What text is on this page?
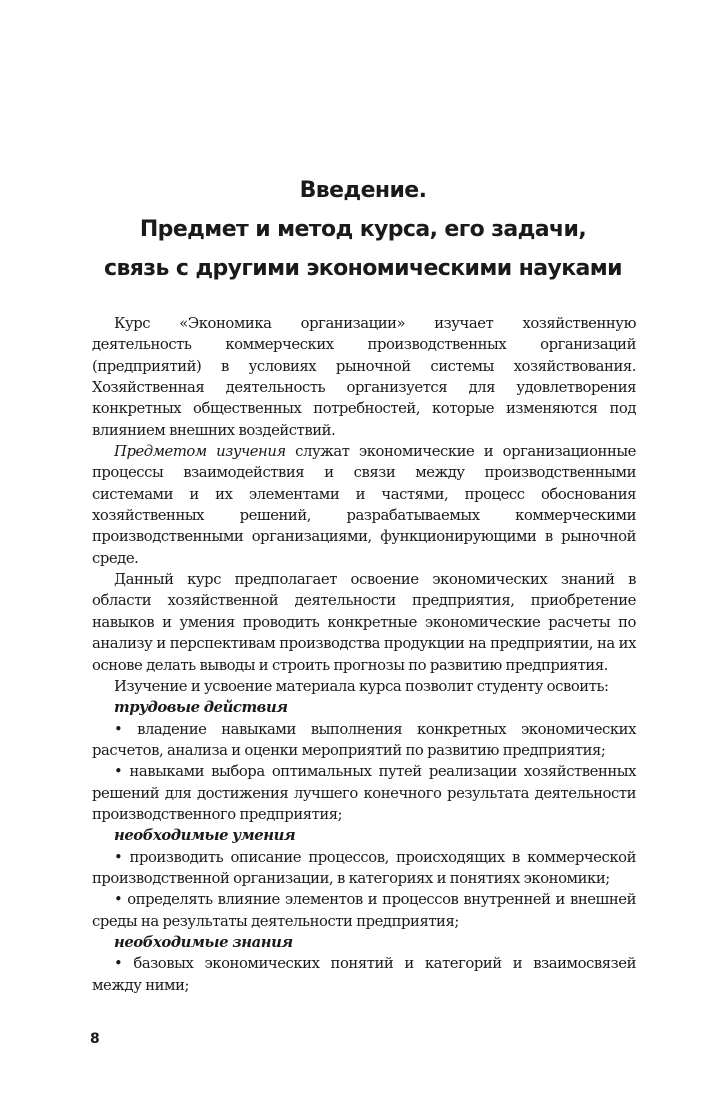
Введение.
Предмет и метод курса, его задачи,
связь с другими экономическими науками

Курс «Экономика организации» изучает хозяйственную деятельность коммерческих производственных организаций (предприятий) в условиях рыночной системы хозяйствования. Хозяйственная деятельность организуется для удовлетворения конкретных общественных потребностей, которые изменяются под влиянием внешних воздействий.

Предметом изучения служат экономические и организационные процессы взаимодействия и связи между производственными системами и их элементами и частями, процесс обоснования хозяйственных решений, разрабатываемых коммерческими производственными организациями, функционирующими в рыночной среде.

Данный курс предполагает освоение экономических знаний в области хозяйственной деятельности предприятия, приобретение навыков и умения проводить конкретные экономические расчеты по анализу и перспективам производства продукции на предприятии, на их основе делать выводы и строить прогнозы по развитию предприятия.

Изучение и усвоение материала курса позволит студенту освоить:

трудовые действия

• владение навыками выполнения конкретных экономических расчетов, анализа и оценки мероприятий по развитию предприятия;

• навыками выбора оптимальных путей реализации хозяйственных решений для достижения лучшего конечного результата деятельности производственного предприятия;

необходимые умения

• производить описание процессов, происходящих в коммерческой производственной организации, в категориях и понятиях экономики;

• определять влияние элементов и процессов внутренней и внешней среды на результаты деятельности предприятия;

необходимые знания

• базовых экономических понятий и категорий и взаимосвязей между ними;

8
